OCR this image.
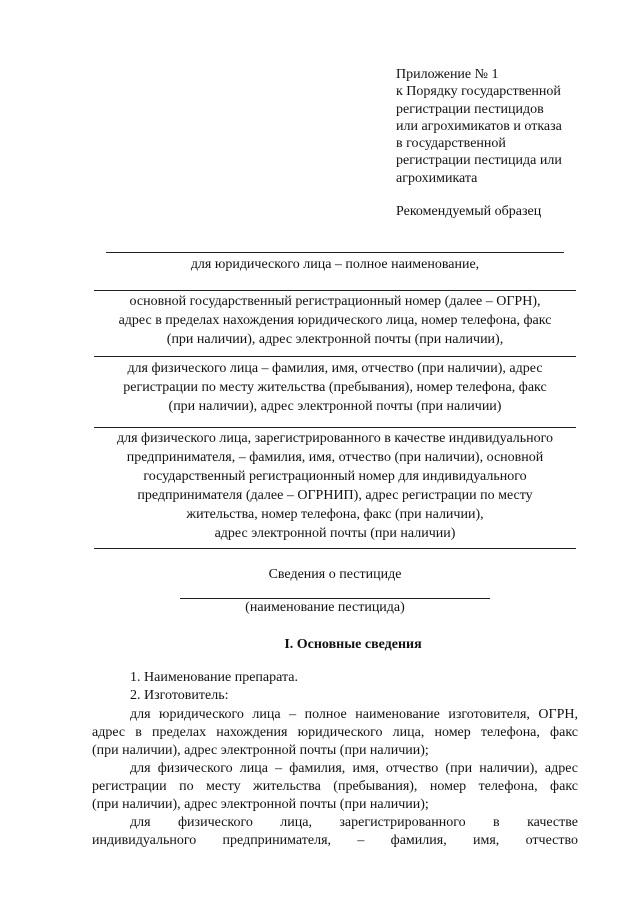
Приложение № 1
к Порядку государственной
регистрации пестицидов
или агрохимикатов и отказа
в государственной
регистрации пестицида или
агрохимиката
Рекомендуемый образец
для юридического лица – полное наименование,
основной государственный регистрационный номер (далее – ОГРН),
адрес в пределах нахождения юридического лица, номер телефона, факс
(при наличии), адрес электронной почты (при наличии),
для физического лица – фамилия, имя, отчество (при наличии), адрес
регистрации по месту жительства (пребывания), номер телефона, факс
(при наличии), адрес электронной почты (при наличии)
для физического лица, зарегистрированного в качестве индивидуального
предпринимателя, – фамилия, имя, отчество (при наличии), основной
государственный регистрационный номер для индивидуального
предпринимателя (далее – ОГРНИП), адрес регистрации по месту
жительства, номер телефона, факс (при наличии),
адрес электронной почты (при наличии)
Сведения о пестициде
(наименование пестицида)
I. Основные сведения
1. Наименование препарата.
2. Изготовитель:
для юридического лица – полное наименование изготовителя, ОГРН,
адрес в пределах нахождения юридического лица, номер телефона, факс
(при наличии), адрес электронной почты (при наличии);
для физического лица – фамилия, имя, отчество (при наличии), адрес
регистрации по месту жительства (пребывания), номер телефона, факс
(при наличии), адрес электронной почты (при наличии);
для физического лица, зарегистрированного в качестве
индивидуального предпринимателя, – фамилия, имя, отчество
